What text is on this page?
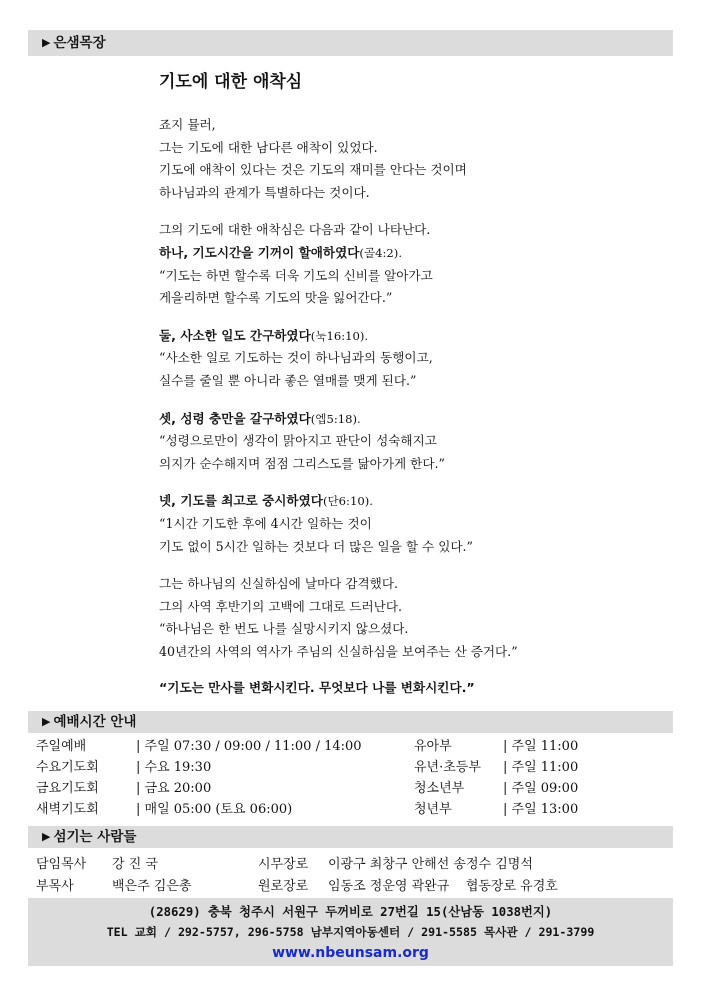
▶ 은샘목장
기도에 대한 애착심
죠지 뮬러,
그는 기도에 대한 남다른 애착이 있었다.
기도에 애착이 있다는 것은 기도의 재미를 안다는 것이며
하나님과의 관계가 특별하다는 것이다.
그의 기도에 대한 애착심은 다음과 같이 나타난다.
하나, 기도시간을 기꺼이 할애하였다(골4:2).
“기도는 하면 할수록 더욱 기도의 신비를 알아가고
게을리하면 할수록 기도의 맛을 잃어간다.”
둘, 사소한 일도 간구하였다(눅16:10).
“사소한 일로 기도하는 것이 하나님과의 동행이고,
실수를 줄일 뿐 아니라 좋은 열매를 맺게 된다.”
셋, 성령 충만을 갈구하였다(엡5:18).
“성령으로만이 생각이 맑아지고 판단이 성숙해지고
의지가 순수해지며 점점 그리스도를 닮아가게 한다.”
넷, 기도를 최고로 중시하였다(단6:10).
“1시간 기도한 후에 4시간 일하는 것이
기도 없이 5시간 일하는 것보다 더 많은 일을 할 수 있다.”
그는 하나님의 신실하심에 날마다 감격했다.
그의 사역 후반기의 고백에 그대로 드러난다.
“하나님은 한 번도 나를 실망시키지 않으셨다.
40년간의 사역의 역사가 주님의 신실하심을 보여주는 산 증거다.”
“기도는 만사를 변화시킨다. 무엇보다 나를 변화시킨다.”
▶ 예배시간 안내
주일예배	| 주일 07:30 / 09:00 / 11:00 / 14:00	유아부	| 주일 11:00
수요기도회	| 수요 19:30	유년·초등부	| 주일 11:00
금요기도회	| 금요 20:00	청소년부	| 주일 09:00
새벽기도회	| 매일 05:00 (토요 06:00)	청년부	| 주일 13:00
▶ 섬기는 사람들
담임목사	강 진 국	시무장로 이광구 최창구 안해선 송정수 김명석
부목사	백은주 김은총	원로장로 임동조 정운영 곽완규    협동장로 유경호
(28629) 충북 청주시 서원구 두꺼비로 27번길 15(산남동 1038번지)
TEL 교회 / 292-5757, 296-5758 남부지역아동센터 / 291-5585 목사관 / 291-3799
www.nbeunsam.org
